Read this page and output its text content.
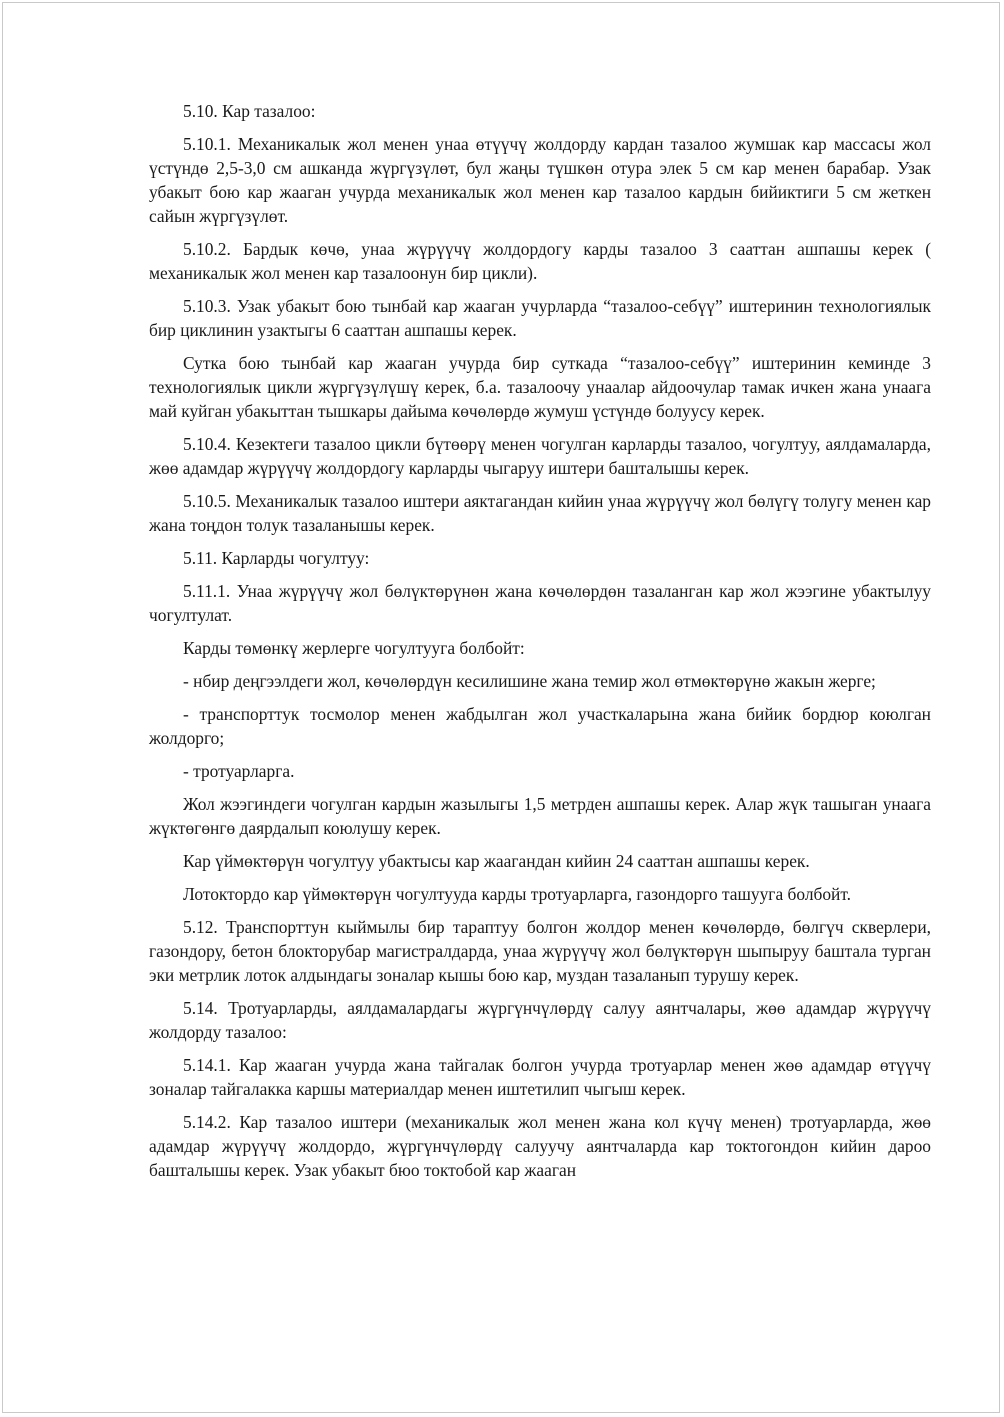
5.10. Кар тазалоо:

5.10.1. Механикалык жол менен унаа өтүүчү жолдорду кардан тазалоо жумшак кар массасы жол үстүндө 2,5-3,0 см ашканда жүргүзүлөт, бул жаңы түшкөн отура элек 5 см кар менен барабар. Узак убакыт бою кар жааган учурда механикалык жол менен кар тазалоо кардын бийиктиги 5 см жеткен сайын жүргүзүлөт.

5.10.2. Бардык көчө, унаа жүрүүчү жолдордогу карды тазалоо 3 сааттан ашпашы керек ( механикалык жол менен кар тазалоонун бир цикли).

5.10.3. Узак убакыт бою тынбай кар жааган учурларда “тазалоо-себүү” иштеринин технологиялык бир циклинин узактыгы 6 сааттан ашпашы керек.

Сутка бою тынбай кар жааган учурда бир суткада “тазалоо-себүү” иштеринин кеминде 3 технологиялык цикли жүргүзүлүшү керек, б.а. тазалоочу унаалар айдоочулар тамак ичкен жана унаага май куйган убакыттан тышкары дайыма көчөлөрдө жумуш үстүндө болуусу керек.

5.10.4. Кезектеги тазалоо цикли бүтөөрү менен чогулган карларды тазалоо, чогултуу, аялдамаларда, жөө адамдар жүрүүчү жолдордогу карларды чыгаруу иштери башталышы керек.

5.10.5. Механикалык тазалоо иштери аяктагандан кийин унаа жүрүүчү жол бөлүгү толугу менен кар жана тоңдон толук тазаланышы керек.

5.11. Карларды чогултуу:

5.11.1. Унаа жүрүүчү жол бөлүктөрүнөн жана көчөлөрдөн тазаланган кар жол жээгине убактылуу чогултулат.

Карды төмөнкү жерлерге чогултууга болбойт:

- нбир деңгээлдеги жол, көчөлөрдүн кесилишине жана темир жол өтмөктөрүнө жакын жерге;

- транспорттук тосмолор менен жабдылган жол участкаларына жана бийик бордюр коюлган жолдорго;

- тротуарларга.

Жол жээгиндеги чогулган кардын жазылыгы 1,5 метрден ашпашы керек. Алар жүк ташыган унаага жүктөгөнгө даярдалып коюлушу керек.

Кар үймөктөрүн чогултуу убактысы кар жаагандан кийин 24 сааттан ашпашы керек.

Лотоктордо кар үймөктөрүн чогултууда карды тротуарларга, газондорго ташууга болбойт.

5.12. Транспорттун кыймылы бир тараптуу болгон жолдор менен көчөлөрдө, бөлгүч скверлери, газондору, бетон блокторубар магистралдарда, унаа жүрүүчү жол бөлүктөрүн шыпыруу баштала турган эки метрлик лоток алдындагы зоналар кышы бою кар, муздан тазаланып турушу керек.

5.14. Тротуарларды, аялдамалардагы жүргүнчүлөрдү салуу аянтчалары, жөө адамдар жүрүүчү жолдорду тазалоо:

5.14.1. Кар жааган учурда жана тайгалак болгон учурда тротуарлар менен жөө адамдар өтүүчү зоналар тайгалакка каршы материалдар менен иштетилип чыгыш керек.

5.14.2. Кар тазалоо иштери (механикалык жол менен жана кол күчү менен) тротуарларда, жөө адамдар жүрүүчү жолдордо, жүргүнчүлөрдү салуучу аянтчаларда кар токтогондон кийин дароо башталышы керек. Узак убакыт бюо токтобой кар жааган
